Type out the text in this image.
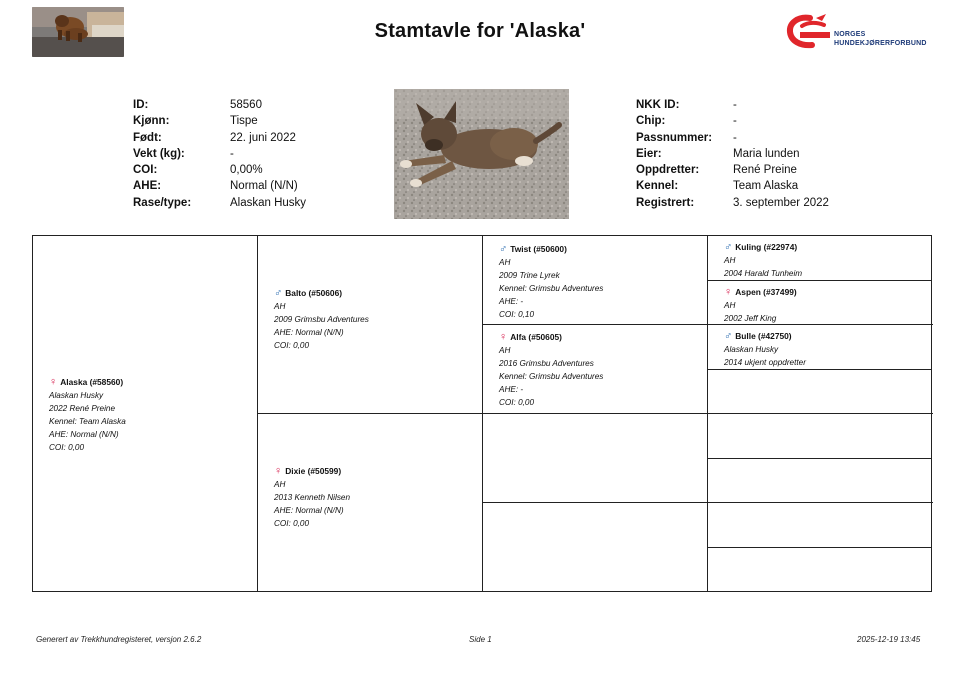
Stamtavle for 'Alaska'	NORGES
HUNDEKJØRERFORBUND
ID:	58560
Kjønn:	Tispe
Født:	22. juni 2022
Vekt (kg):	-
COI:	0,00%
AHE:	Normal (N/N)
Rase/type:	Alaskan Husky
NKK ID:	-
Chip:	-
Passnummer:	-
Eier:	Maria lunden
Oppdretter:	René Preine
Kennel:	Team Alaska
Registrert:	3. september 2022
♀ Alaska (#58560)
Alaskan Husky
2022 René Preine
Kennel: Team Alaska
AHE: Normal (N/N)
COI: 0,00
♂ Balto (#50606)
AH
2009 Grimsbu Adventures
AHE: Normal (N/N)
COI: 0,00
♀ Dixie (#50599)
AH
2013 Kenneth Nilsen
AHE: Normal (N/N)
COI: 0,00
♂ Twist (#50600)
AH
2009 Trine Lyrek
Kennel: Grimsbu Adventures
AHE: -
COI: 0,10
♀ Alfa (#50605)
AH
2016 Grimsbu Adventures
Kennel: Grimsbu Adventures
AHE: -
COI: 0,00
♂ Kuling (#22974)
AH
2004 Harald Tunheim
♀ Aspen (#37499)
AH
2002 Jeff King
♂ Bulle (#42750)
Alaskan Husky
2014 ukjent oppdretter
Generert av Trekkhundregisteret, versjon 2.6.2	Side 1	2025-12-19 13:45
